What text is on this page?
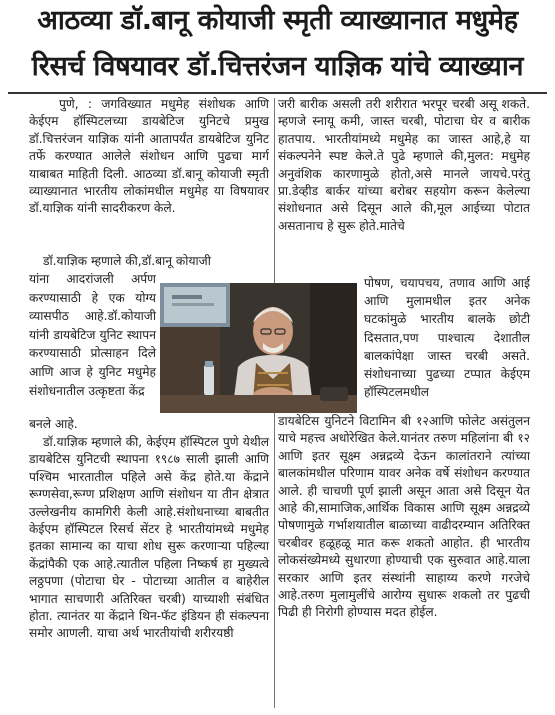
आठव्या डॉ.बानू कोयाजी स्मृती व्याख्यानात मधुमेह
रिसर्च विषयावर डॉ.चित्तरंजन याज्ञिक यांचे व्याख्यान

पुणे, : जगविख्यात मधुमेह संशोधक आणि केईएम हॉस्पिटलच्या डायबेटिज युनिटचे प्रमुख डॉ.चित्तरंजन याज्ञिक यांनी आतापर्यंत डायबेटिज युनिट तर्फे करण्यात आलेले संशोधन आणि पुढचा मार्ग याबाबत माहिती दिली. आठव्या डॉ.बानू कोयाजी स्मृती व्याख्यानात भारतीय लोकांमधील मधुमेह या विषयावर डॉ.याज्ञिक यांनी सादरीकरण केले.

डॉ.याज्ञिक म्हणाले की,डॉ.बानू कोयाजी

यांना आदरांजली अर्पण करण्यासाठी हे एक योग्य व्यासपीठ आहे.डॉ.कोयाजी यांनी डायबेटिज युनिट स्थापन करण्यासाठी प्रोत्साहन दिले आणि आज हे युनिट मधुमेह संशोधनातील उत्कृष्टता केंद्र

बनले आहे.

डॉ.याज्ञिक म्हणाले की, केईएम हॉस्पिटल पुणे येथील डायबेटिस युनिटची स्थापना १९८७ साली झाली आणि पश्चिम भारतातील पहिले असे केंद्र होते.या केंद्राने रूग्णसेवा,रूग्ण प्रशिक्षण आणि संशोधन या तीन क्षेत्रात उल्लेखनीय कामगिरी केली आहे.संशोधनाच्या बाबतीत केईएम हॉस्पिटल रिसर्च सेंटर हे भारतीयांमध्ये मधुमेह इतका सामान्य का याचा शोध सुरू करणाऱ्या पहिल्या केंद्रांपैकी एक आहे.त्यातील पहिला निष्कर्ष हा मुख्यत्वे लठ्ठपणा (पोटाचा घेर - पोटाच्या आतील व बाहेरील भागात साचणारी अतिरिक्त चरबी) याच्याशी संबंधित होता. त्यानंतर या केंद्राने थिन-फॅट इंडियन ही संकल्पना समोर आणली. याचा अर्थ भारतीयांची शरीरयष्ठी

जरी बारीक असली तरी शरीरात भरपूर चरबी असू शकते. म्हणजे स्नायू कमी, जास्त चरबी, पोटाचा घेर व बारीक हातपाय. भारतीयांमध्ये मधुमेह का जास्त आहे,हे या संकल्पनेने स्पष्ट केले.ते पुढे म्हणाले की,मुलत: मधुमेह अनुवंशिक कारणामुळे होतो,असे मानले जायचे.परंतु प्रा.डेव्हीड बार्कर यांच्या बरोबर सहयोग करून केलेल्या संशोधनात असे दिसून आले की,मूल आईच्या पोटात असतानाच हे सुरू होते.मातेचे

पोषण, चयापचय, तणाव आणि आई आणि मुलामधील इतर अनेक घटकांमुळे भारतीय बालके छोटी दिसतात,पण पाश्चात्य देशातील बालकांपेक्षा जास्त चरबी असते. संशोधनाच्या पुढच्या टप्पात केईएम हॉस्पिटलमधील

डायबेटिस युनिटने विटामिन बी १२आणि फोलेट असंतुलन याचे महत्त्व अधोरेखित केले.यानंतर तरुण महिलांना बी १२ आणि इतर सूक्ष्म अन्नद्रव्ये देऊन कालांतराने त्यांच्या बालकांमधील परिणाम यावर अनेक वर्षे संशोधन करण्यात आले. ही चाचणी पूर्ण झाली असून आता असे दिसून येत आहे की,सामाजिक,आर्थिक विकास आणि सूक्ष्म अन्नद्रव्ये पोषणामुळे गर्भाशयातील बाळाच्या वाढीदरम्यान अतिरिक्त चरबीवर हळूहळू मात करू शकतो आहोत. ही भारतीय लोकसंख्येमध्ये सुधारणा होण्याची एक सुरुवात आहे.याला सरकार आणि इतर संस्थांनी साहाय्य करणे गरजेचे आहे.तरुण मुलामुलींचे आरोग्य सुधारू शकलो तर पुढची पिढी ही निरोगी होण्यास मदत होईल.
